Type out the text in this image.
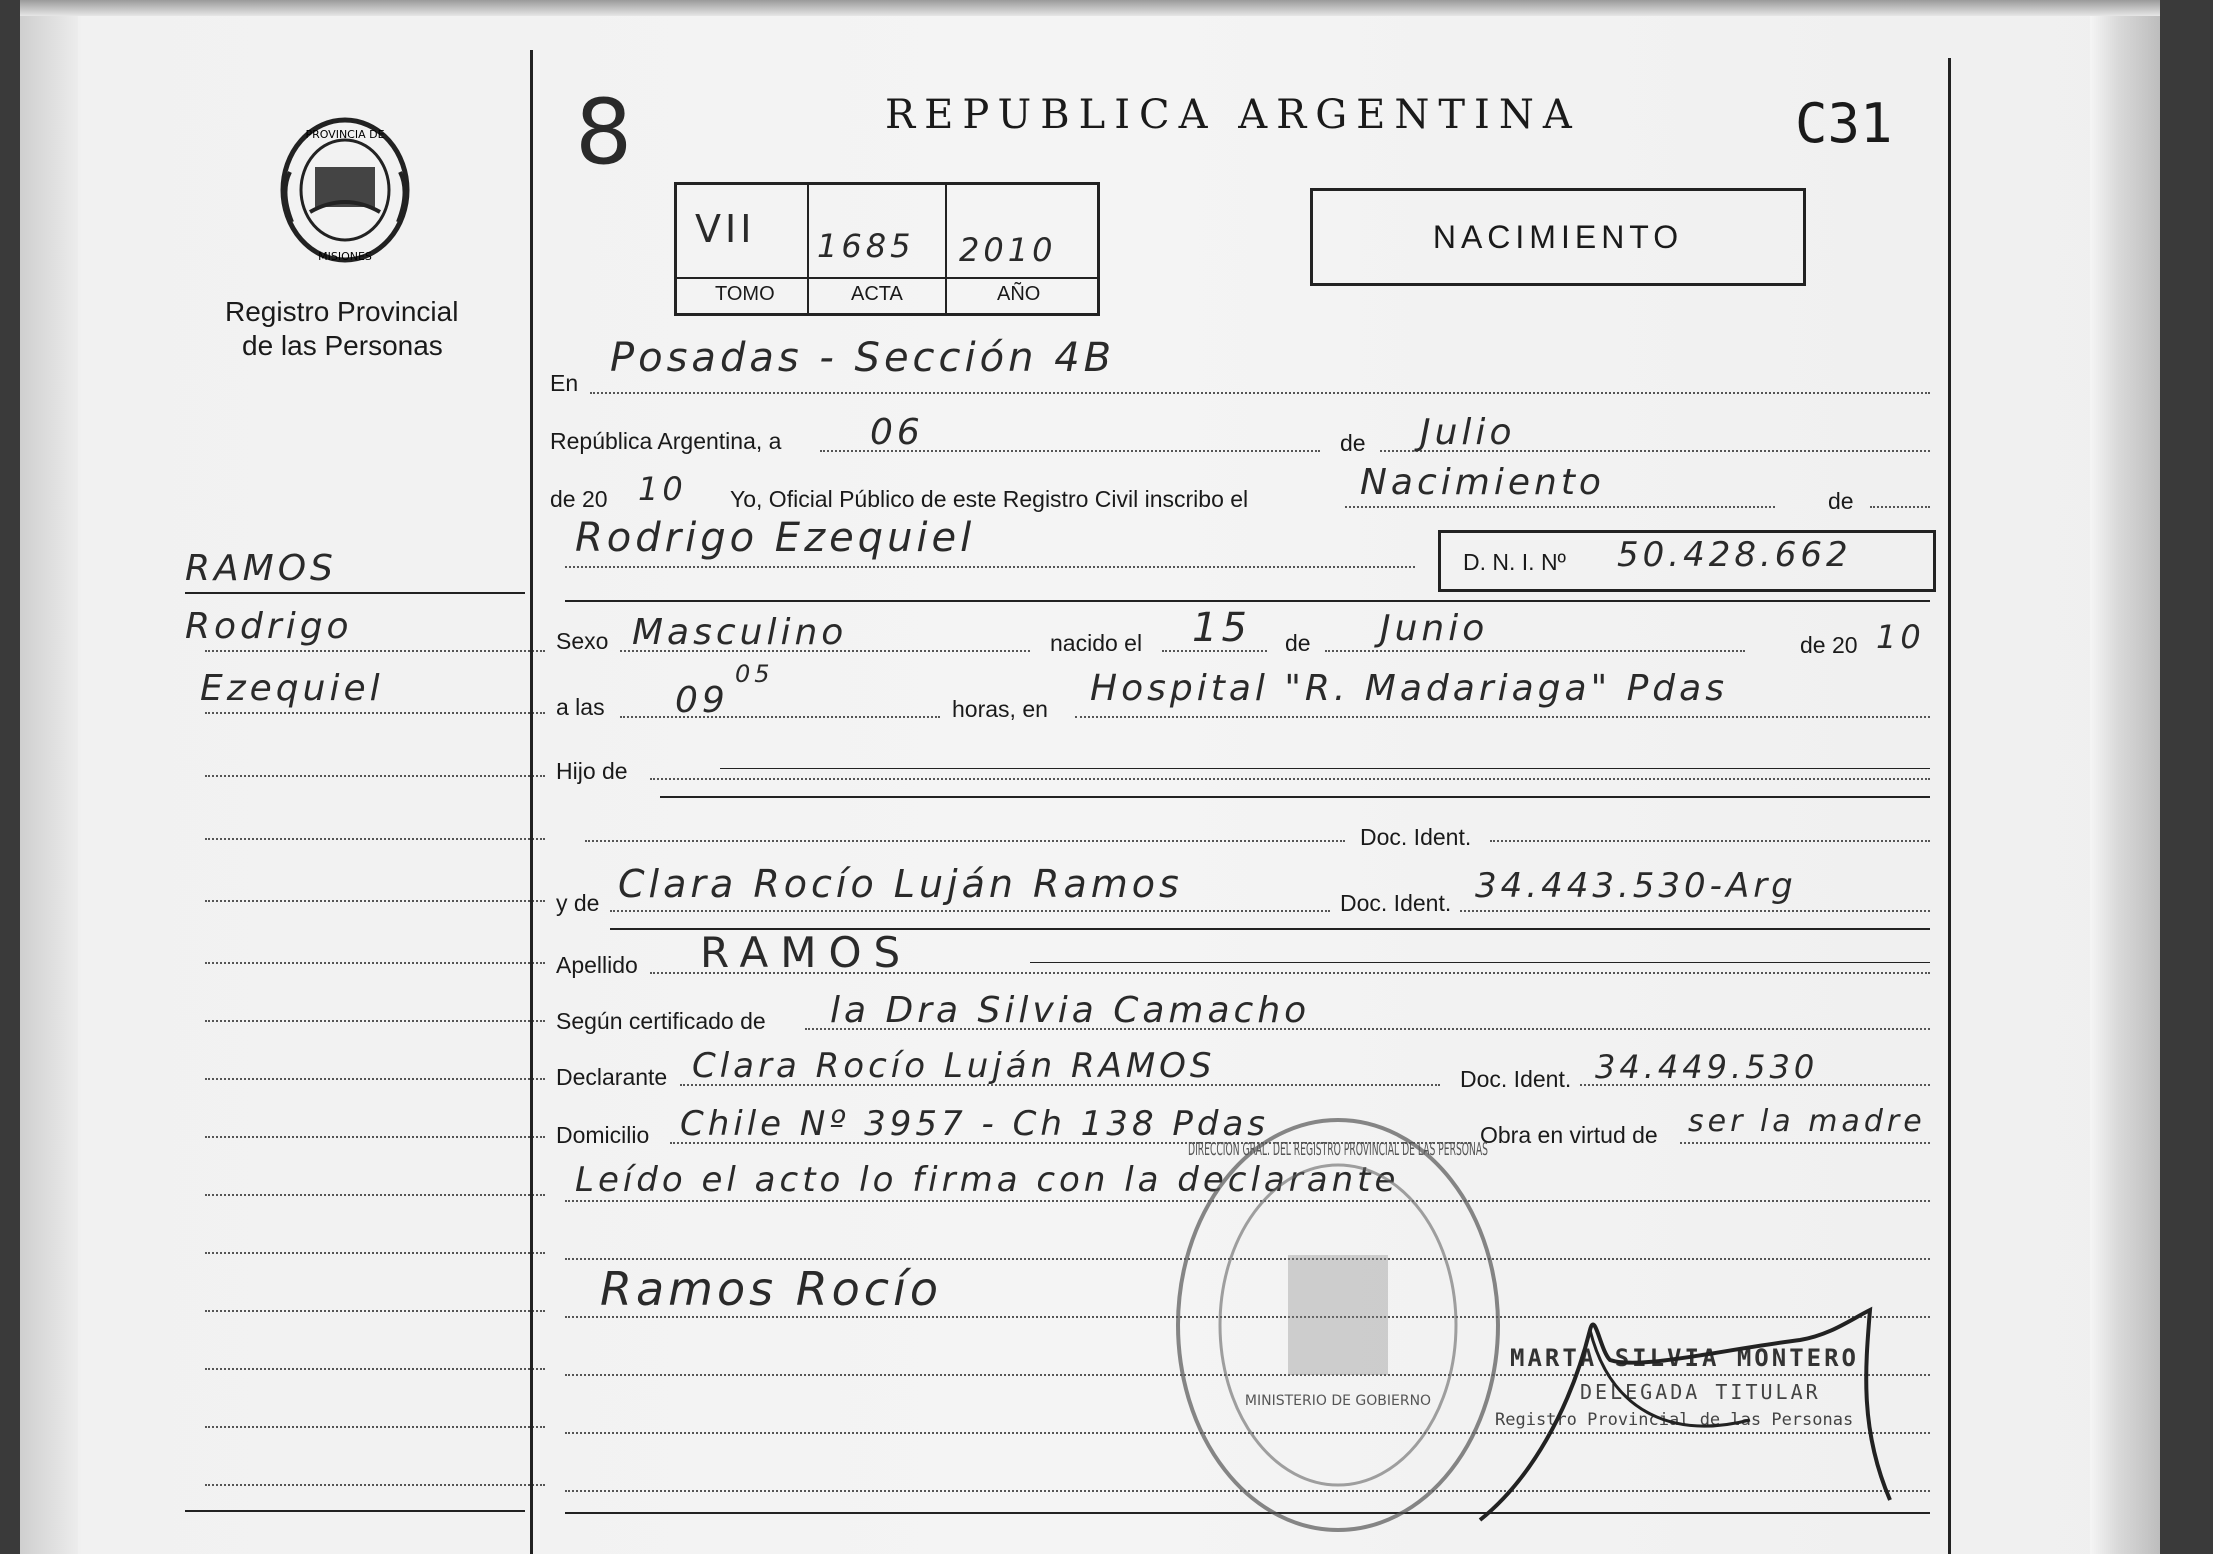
PROVINCIA DE
MISIONES
Registro Provincial
de las Personas
RAMOS
Rodrigo
Ezequiel
8	REPUBLICA ARGENTINA	C31
VII 1685 2010
TOMO	ACTA	AÑO
NACIMIENTO
En
Posadas - Sección 4B
República Argentina, a 06	de Julio
de 20 10 Yo, Oficial Público de este Registro Civil inscribo el	Nacimiento	de
Rodrigo Ezequiel
D. N. I. Nº 50.428.662
Sexo Masculino	nacido el 15 de Junio	de 20 10
a las 09
05
horas, en Hospital "R. Madariaga" Pdas
Hijo de
Doc. Ident.
y de Clara Rocío Luján Ramos	Doc. Ident. 34.443.530-Arg
Apellido RAMOS
Según certificado de la Dra Silvia Camacho
Declarante Clara Rocío Luján RAMOS	Doc. Ident. 34.449.530
Domicilio Chile Nº 3957 - Ch 138 Pdas	Obra en virtud de ser la madre
Leído el acto lo firma con la declarante
Ramos Rocío
DIRECCION GRAL. DEL REGISTRO PROVINCIAL DE LAS PERSONAS
MINISTERIO DE GOBIERNO
MARTA SILVIA MONTERO
DELEGADA TITULAR
Registro Provincial de las Personas
